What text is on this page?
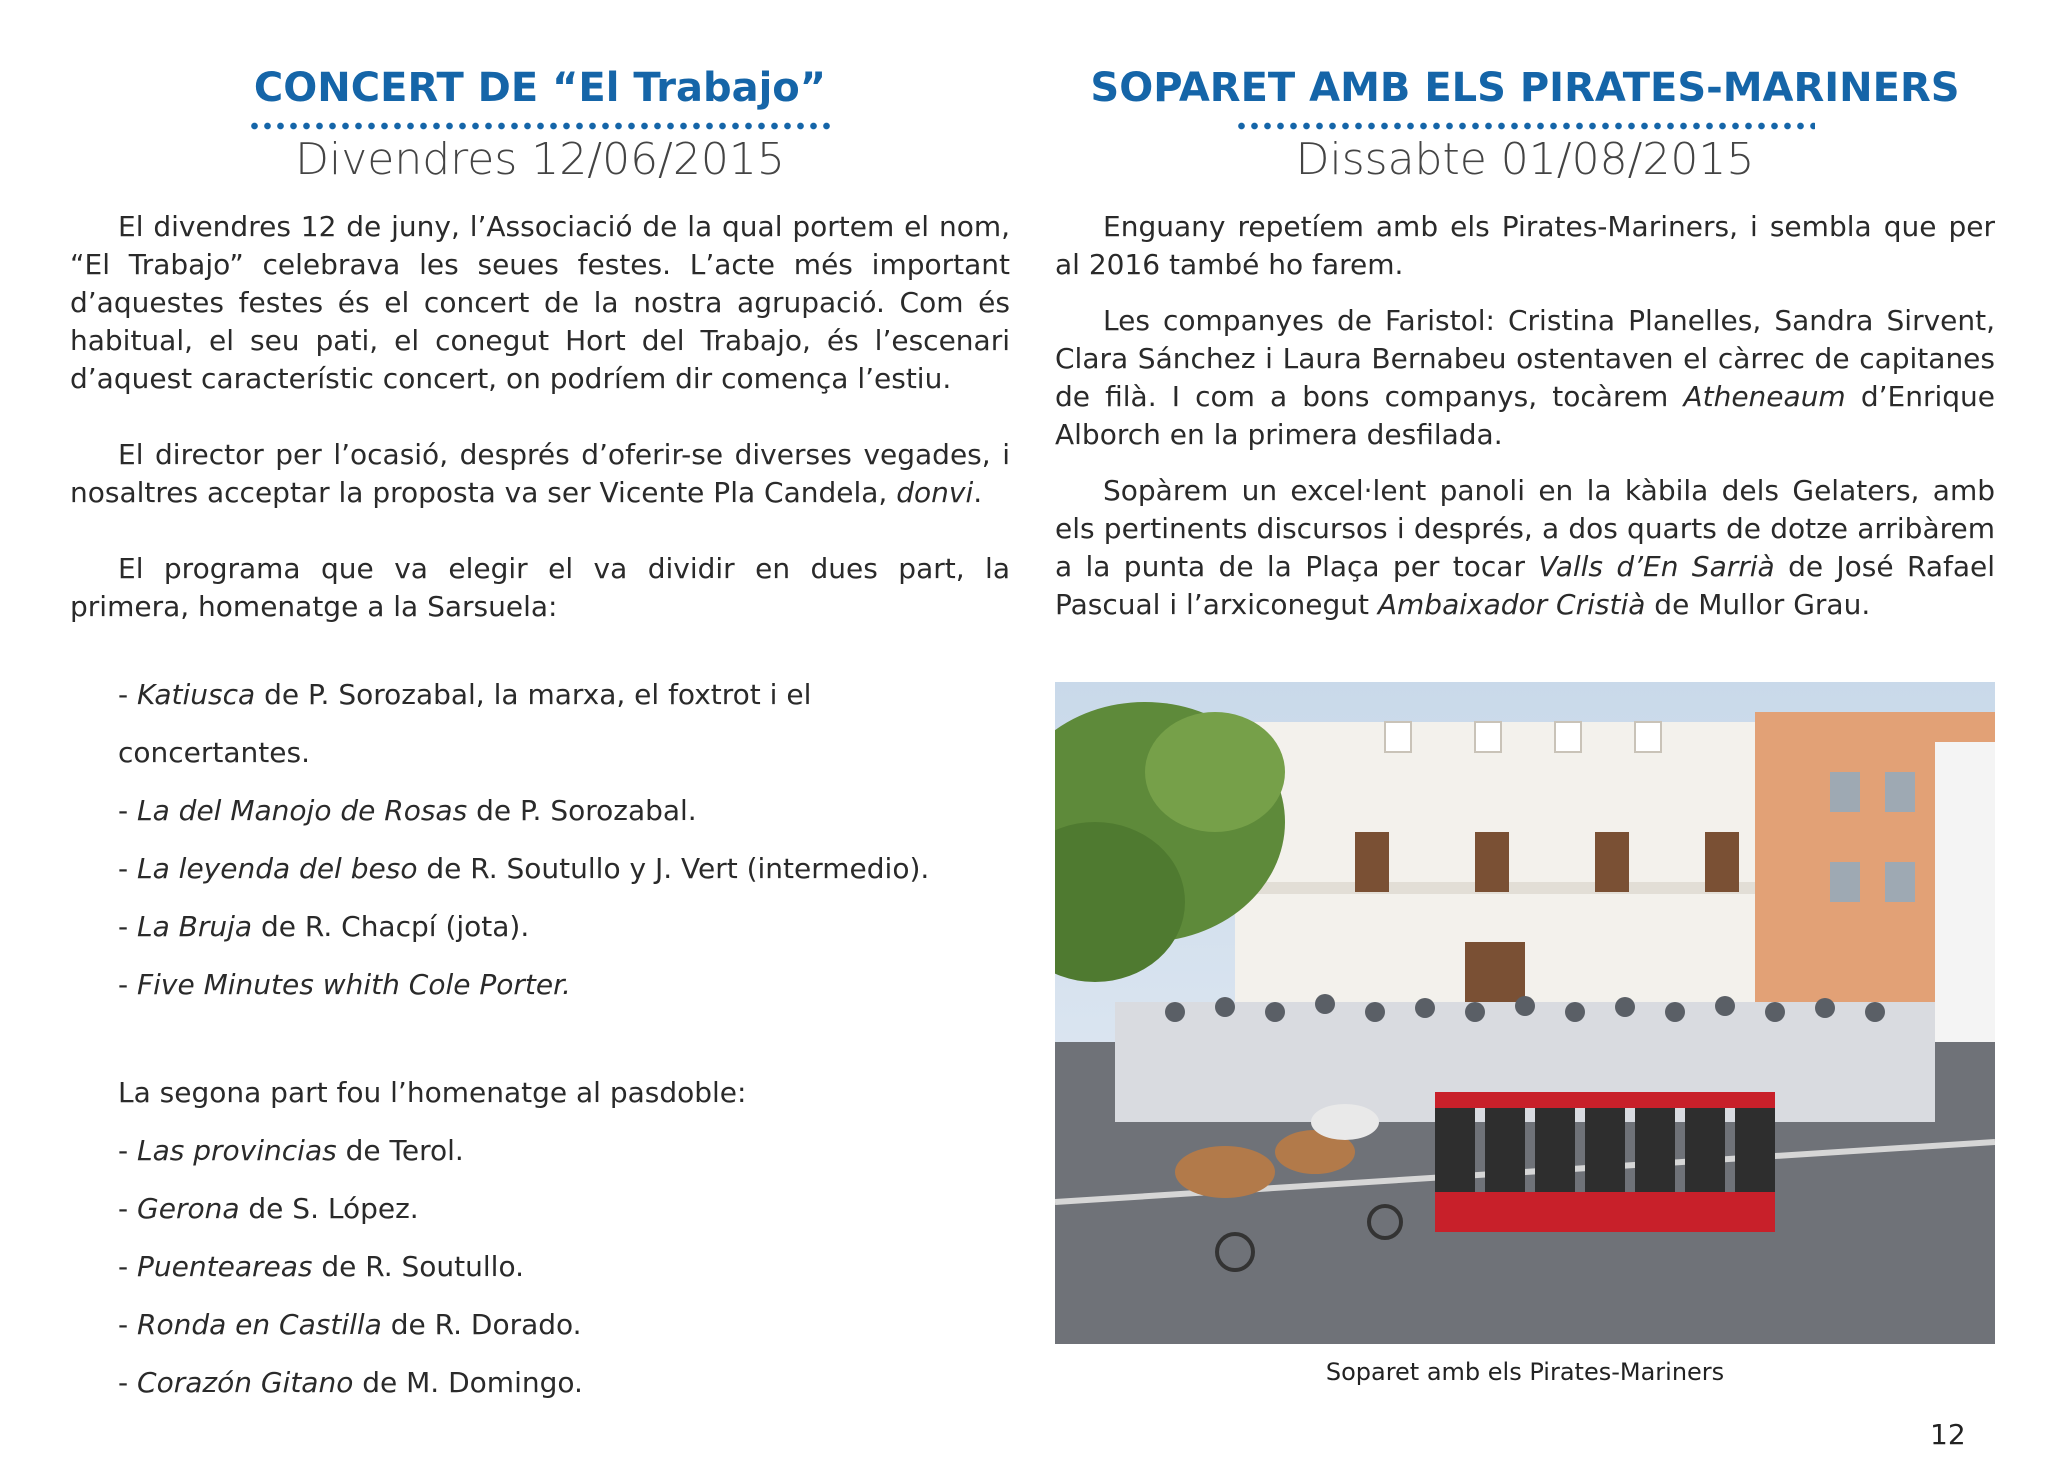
CONCERT DE “El Trabajo”
Divendres 12/06/2015

El divendres 12 de juny, l’Associació de la qual portem el nom, “El Trabajo” celebrava les seues festes. L’acte més important d’aquestes festes és el concert de la nostra agrupació. Com és habitual, el seu pati, el conegut Hort del Trabajo, és l’escenari d’aquest característic concert, on podríem dir comença l’estiu.

El director per l’ocasió, després d’oferir-se diverses vegades, i nosaltres acceptar la proposta va ser Vicente Pla Candela, donvi.

El programa que va elegir el va dividir en dues part, la primera, homenatge a la Sarsuela:

- Katiusca de P. Sorozabal, la marxa, el foxtrot i el concertantes.
- La del Manojo de Rosas de P. Sorozabal.
- La leyenda del beso de R. Soutullo y J. Vert (intermedio).
- La Bruja de R. Chacpí (jota).
- Five Minutes whith Cole Porter.
La segona part fou l’homenatge al pasdoble:
- Las provincias de Terol.
- Gerona de S. López.
- Puenteareas de R. Soutullo.
- Ronda en Castilla de R. Dorado.
- Corazón Gitano de M. Domingo.
SOPARET AMB ELS PIRATES-MARINERS
Dissabte 01/08/2015

Enguany repetíem amb els Pirates-Mariners, i sembla que per al 2016 també ho farem.

Les companyes de Faristol: Cristina Planelles, Sandra Sirvent, Clara Sánchez i Laura Bernabeu ostentaven el càrrec de capitanes de filà. I com a bons companys, tocàrem Atheneaum d’Enrique Alborch en la primera desfilada.

Sopàrem un excel·lent panoli en la kàbila dels Gelaters, amb els pertinents discursos i després, a dos quarts de dotze arribàrem a la punta de la Plaça per tocar Valls d’En Sarrià de José Rafael Pascual i l’arxiconegut Ambaixador Cristià de Mullor Grau.

Soparet amb els Pirates-Mariners
12
